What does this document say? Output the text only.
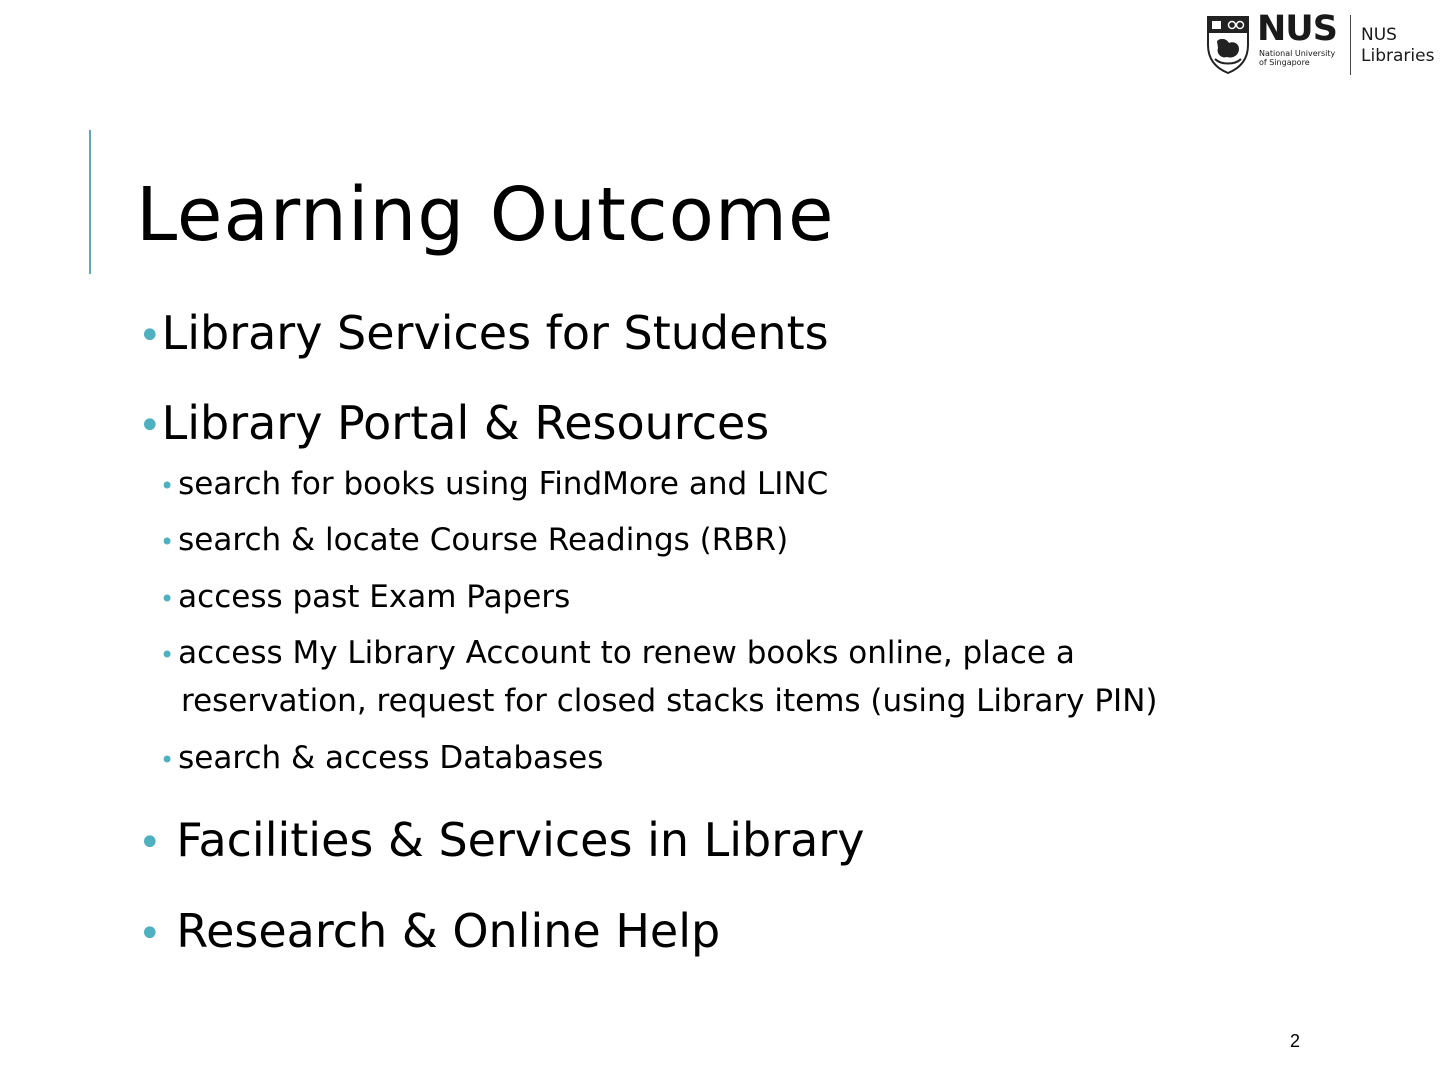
NUS
National University
of Singapore
NUS
Libraries
Learning Outcome
•Library Services for Students
•Library Portal & Resources
• search for books using FindMore and LINC
• search & locate Course Readings (RBR)
• access past Exam Papers
• access My Library Account to renew books online, place a
reservation, request for closed stacks items (using Library PIN)
• search & access Databases
• Facilities & Services in Library
• Research & Online Help
2
